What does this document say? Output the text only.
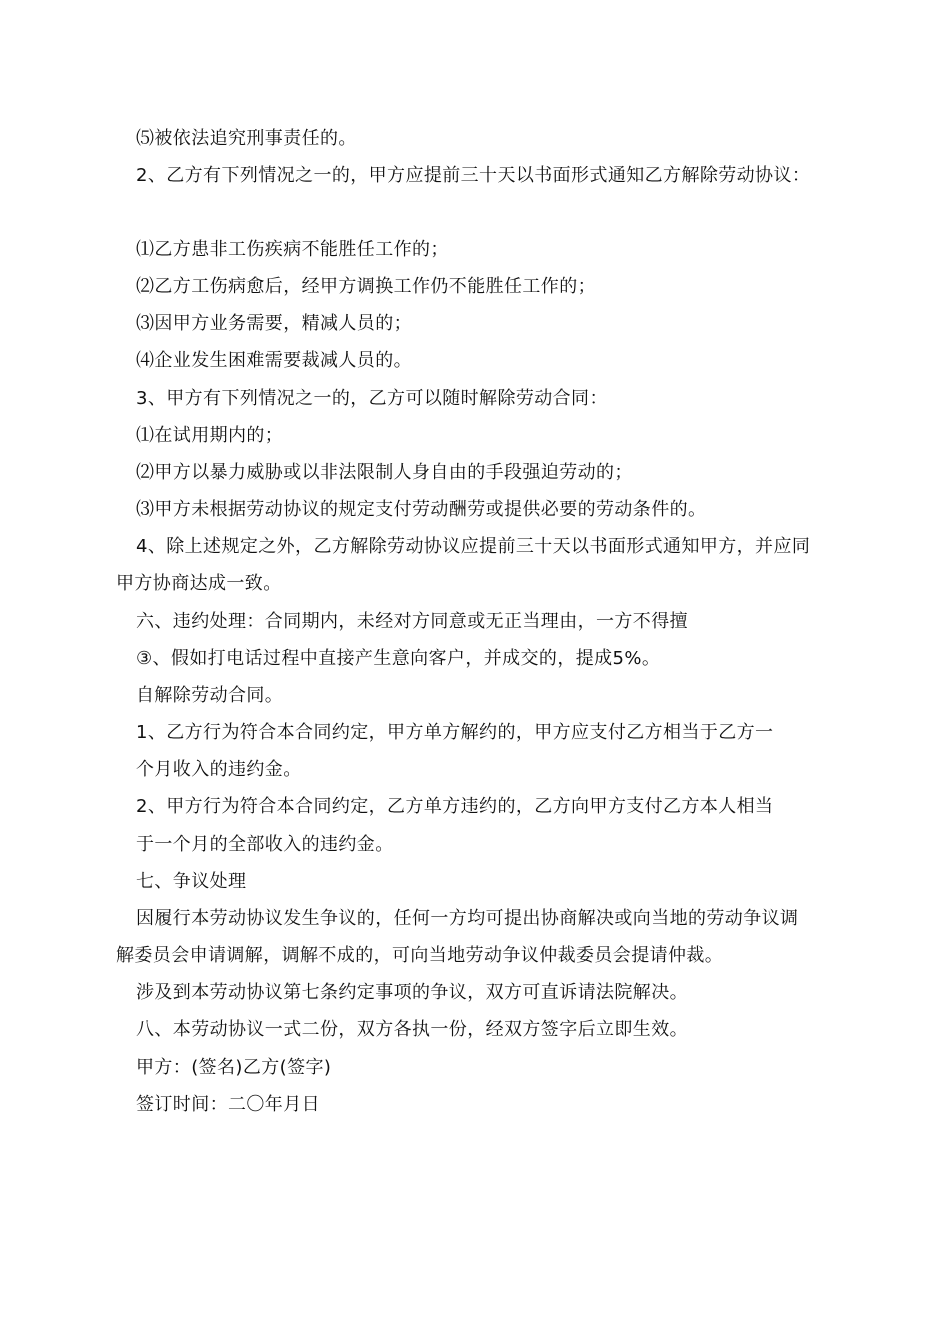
⑸被依法追究刑事责任的。
2、乙方有下列情况之一的，甲方应提前三十天以书面形式通知乙方解除劳动协议：
⑴乙方患非工伤疾病不能胜任工作的；
⑵乙方工伤病愈后，经甲方调换工作仍不能胜任工作的；
⑶因甲方业务需要，精减人员的；
⑷企业发生困难需要裁减人员的。
3、甲方有下列情况之一的，乙方可以随时解除劳动合同：
⑴在试用期内的；
⑵甲方以暴力威胁或以非法限制人身自由的手段强迫劳动的；
⑶甲方未根据劳动协议的规定支付劳动酬劳或提供必要的劳动条件的。
4、除上述规定之外，乙方解除劳动协议应提前三十天以书面形式通知甲方，并应同
甲方协商达成一致。
六、违约处理：合同期内，未经对方同意或无正当理由，一方不得擅
③、假如打电话过程中直接产生意向客户，并成交的，提成5%。
自解除劳动合同。
1、乙方行为符合本合同约定，甲方单方解约的，甲方应支付乙方相当于乙方一
个月收入的违约金。
2、甲方行为符合本合同约定，乙方单方违约的，乙方向甲方支付乙方本人相当
于一个月的全部收入的违约金。
七、争议处理
因履行本劳动协议发生争议的，任何一方均可提出协商解决或向当地的劳动争议调
解委员会申请调解，调解不成的，可向当地劳动争议仲裁委员会提请仲裁。
涉及到本劳动协议第七条约定事项的争议，双方可直诉请法院解决。
八、本劳动协议一式二份，双方各执一份，经双方签字后立即生效。
甲方：(签名)乙方(签字)
签订时间：二〇年月日
